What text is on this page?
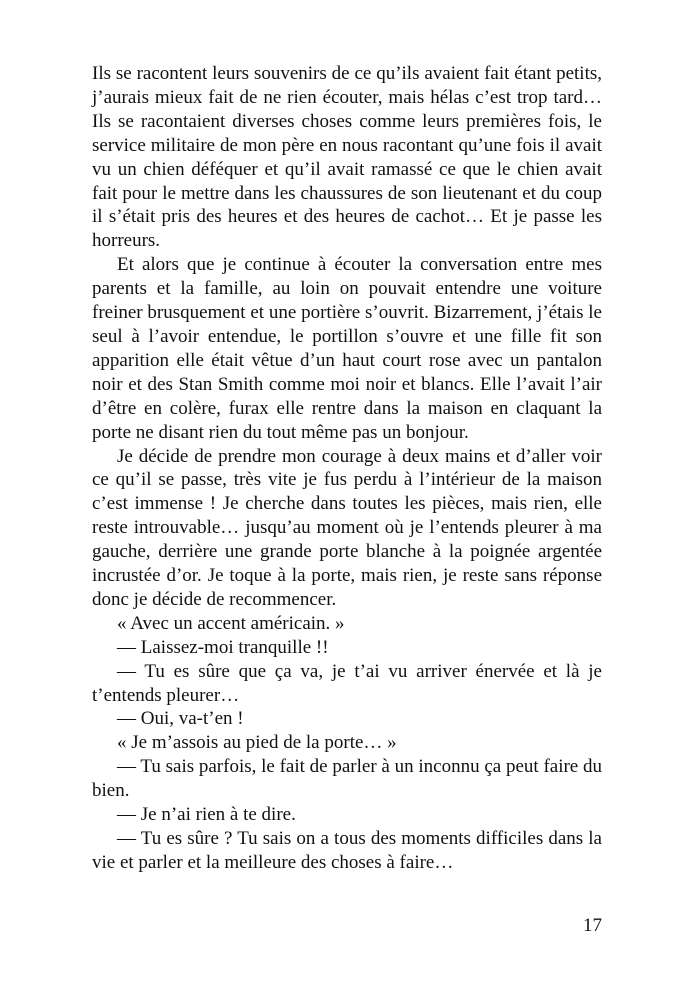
Ils se racontent leurs souvenirs de ce qu’ils avaient fait étant petits, j’aurais mieux fait de ne rien écouter, mais hélas c’est trop tard… Ils se racontaient diverses choses comme leurs premières fois, le service militaire de mon père en nous racontant qu’une fois il avait vu un chien déféquer et qu’il avait ramassé ce que le chien avait fait pour le mettre dans les chaussures de son lieutenant et du coup il s’était pris des heures et des heures de cachot… Et je passe les horreurs.

Et alors que je continue à écouter la conversation entre mes parents et la famille, au loin on pouvait entendre une voiture freiner brusquement et une portière s’ouvrit. Bizarrement, j’étais le seul à l’avoir entendue, le portillon s’ouvre et une fille fit son apparition elle était vêtue d’un haut court rose avec un pantalon noir et des Stan Smith comme moi noir et blancs. Elle l’avait l’air d’être en colère, furax elle rentre dans la maison en claquant la porte ne disant rien du tout même pas un bonjour.

Je décide de prendre mon courage à deux mains et d’aller voir ce qu’il se passe, très vite je fus perdu à l’intérieur de la maison c’est immense ! Je cherche dans toutes les pièces, mais rien, elle reste introuvable… jusqu’au moment où je l’entends pleurer à ma gauche, derrière une grande porte blanche à la poignée argentée incrustée d’or. Je toque à la porte, mais rien, je reste sans réponse donc je décide de recommencer.

« Avec un accent américain. »

— Laissez-moi tranquille !!

— Tu es sûre que ça va, je t’ai vu arriver énervée et là je t’entends pleurer…

— Oui, va-t’en !

« Je m’assois au pied de la porte… »

— Tu sais parfois, le fait de parler à un inconnu ça peut faire du bien.

— Je n’ai rien à te dire.

— Tu es sûre ? Tu sais on a tous des moments difficiles dans la vie et parler et la meilleure des choses à faire…

17
